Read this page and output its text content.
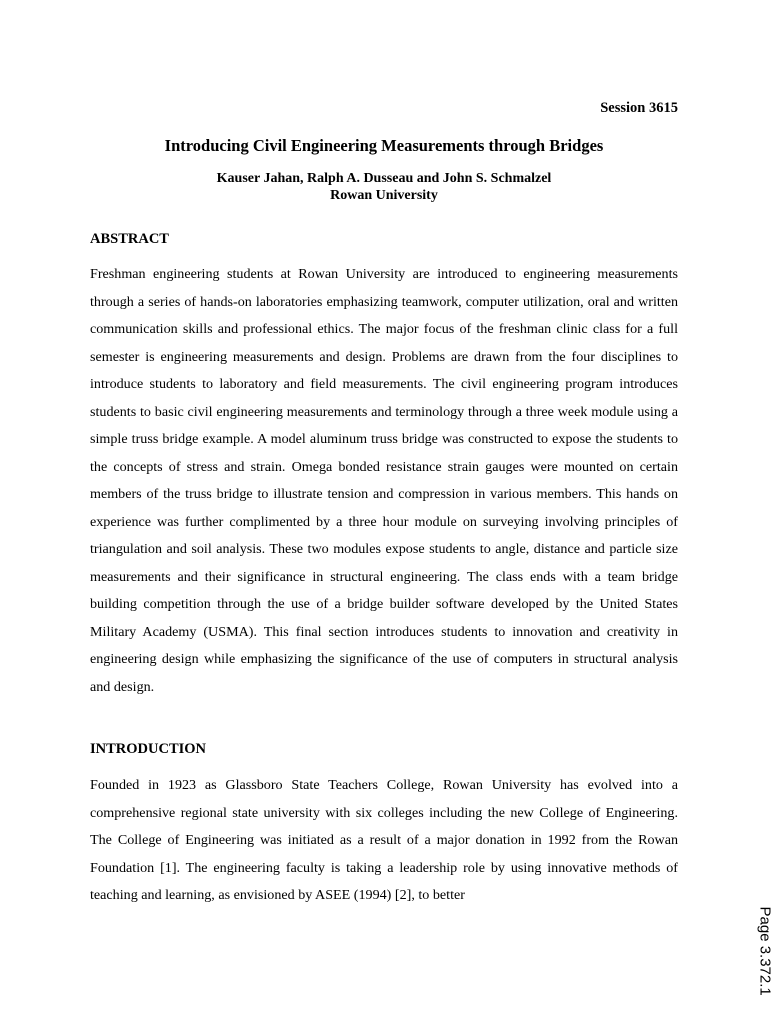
Session 3615
Introducing Civil Engineering Measurements through Bridges
Kauser Jahan, Ralph A. Dusseau and John S. Schmalzel
Rowan University
ABSTRACT
Freshman engineering students at Rowan University are introduced to engineering measurements through a series of hands-on laboratories emphasizing teamwork, computer utilization, oral and written communication skills and professional ethics. The major focus of the freshman clinic class for a full semester is engineering measurements and design. Problems are drawn from the four disciplines to introduce students to laboratory and field measurements. The civil engineering program introduces students to basic civil engineering measurements and terminology through a three week module using a simple truss bridge example. A model aluminum truss bridge was constructed to expose the students to the concepts of stress and strain. Omega bonded resistance strain gauges were mounted on certain members of the truss bridge to illustrate tension and compression in various members. This hands on experience was further complimented by a three hour module on surveying involving principles of triangulation and soil analysis. These two modules expose students to angle, distance and particle size measurements and their significance in structural engineering. The class ends with a team bridge building competition through the use of a bridge builder software developed by the United States Military Academy (USMA). This final section introduces students to innovation and creativity in engineering design while emphasizing the significance of the use of computers in structural analysis and design.
INTRODUCTION
Founded in 1923 as Glassboro State Teachers College, Rowan University has evolved into a comprehensive regional state university with six colleges including the new College of Engineering. The College of Engineering was initiated as a result of a major donation in 1992 from the Rowan Foundation [1]. The engineering faculty is taking a leadership role by using innovative methods of teaching and learning, as envisioned by ASEE (1994) [2], to better
Page 3.372.1
